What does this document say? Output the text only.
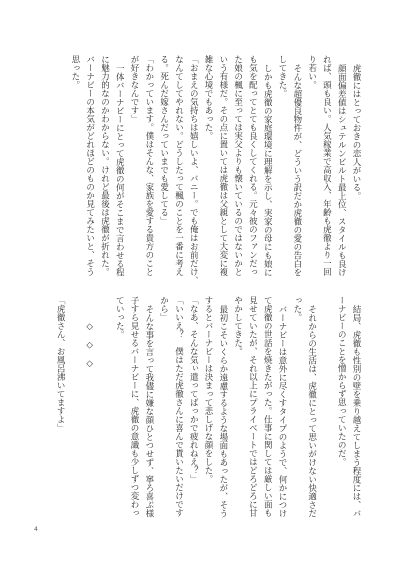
虎徹にはとっておきの恋人がいる。
顔面偏差値はシュテルンビルト最上位、スタイルも良け
れば、頭も良い。人気稼業で高収入、年齢も虎徹より一回
り若い。
そんな超優良物件が、どういう訳だか虎徹の愛の告白を
してきた。
しかも虎徹の家庭環境に理解を示し、実家の母にも娘に
も気を配ってとても良くしてくれる。元々彼のファンだっ
た娘の楓に至っては実父よりも懐いているのではないかと
いう有様だ。その点に置いては虎徹は父親として大変に複
雑な心境でもあった。
「おまえの気持ちは嬉しいよ、バニー。でも俺はお前だけ、
なんてしてやれない。どうしたって楓のことを一番に考え
る。死んだ嫁さんだっていまでも愛してる」
「わかっています。僕はそんな、家族を愛する貴方のこと
が好きなんです」
一体バーナビーにとって虎徹の何がそこまで言わせる程
に魅力的なのかわからない。けれど最後は虎徹が折れた。
バーナビーの本気がどれほどのものか見てみたいと、そう
思った。
結局、虎徹も性別の壁を乗り越えてしまう程度には、バ
ーナビーのことを憎からず思っていたのだ。
それからの生活は、虎徹にとって思いがけない快適さだ
った。
バーナビーは意外に尽くすタイプのようで、何かにつけ
て虎徹の世話を焼きたがった。仕事に関しては厳しい面も
見せていたが、それ以上にプライベートではどろどろに甘
やかしてきた。
最初こそいくらか遠慮するような場面もあったが、そう
するとバーナビーは決まって悲しげな顔をした。
「なあ、そんな気ぃ遣ってばっかで疲れねえ？」
「いいえ？　僕はただ虎徹さんに喜んで貰いたいだけです
から」
そんな事を言って我儘に嫌な顔ひとつせず、寧ろ喜ぶ様
子すら見せるバーナビーに、虎徹の意識も少しずつ変わっ
ていった。
◇　◇　◇
「虎徹さん、お風呂沸いてますよ」
4
